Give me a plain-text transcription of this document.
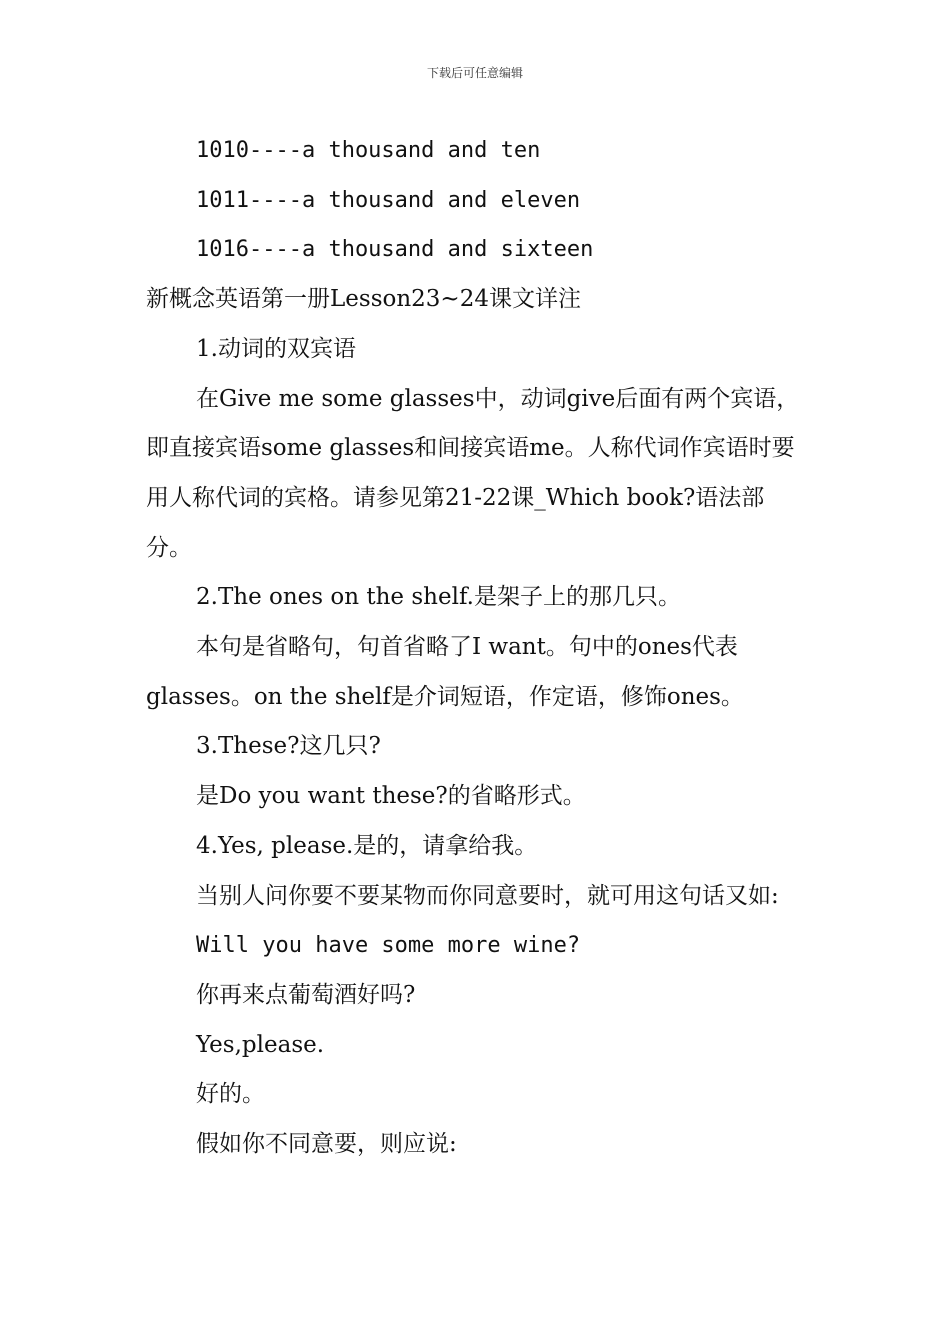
下载后可任意编辑

1010----a thousand and ten

1011----a thousand and eleven

1016----a thousand and sixteen

新概念英语第一册Lesson23~24课文详注

1.动词的双宾语

在Give me some glasses中，动词give后面有两个宾语，即直接宾语some glasses和间接宾语me。人称代词作宾语时要用人称代词的宾格。请参见第21-22课_Which book?语法部分。

2.The ones on the shelf.是架子上的那几只。

本句是省略句，句首省略了I want。句中的ones代表glasses。on the shelf是介词短语，作定语，修饰ones。

3.These?这几只?

是Do you want these?的省略形式。

4.Yes, please.是的，请拿给我。

当别人问你要不要某物而你同意要时，就可用这句话又如:

Will you have some more wine?

你再来点葡萄酒好吗?

Yes,please.

好的。

假如你不同意要，则应说:
